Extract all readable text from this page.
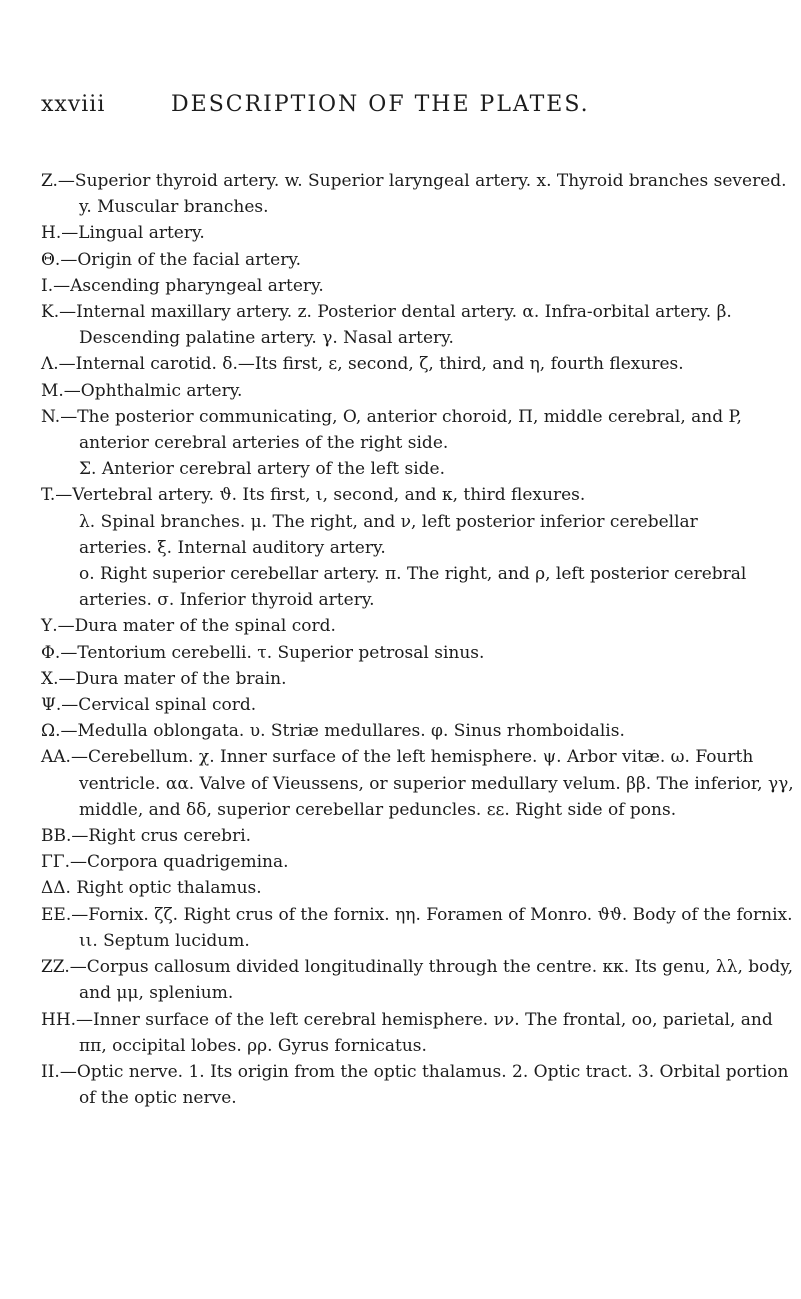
xxviii	DESCRIPTION OF THE PLATES.
Z.—Superior thyroid artery. w. Superior laryngeal artery. x. Thyroid branches severed. y. Muscular branches.
H.—Lingual artery.
Θ.—Origin of the facial artery.
I.—Ascending pharyngeal artery.
K.—Internal maxillary artery. z. Posterior dental artery. α. Infra-orbital artery. β. Descending palatine artery. γ. Nasal artery.
Λ.—Internal carotid. δ.—Its first, ε, second, ζ, third, and η, fourth flexures.
M.—Ophthalmic artery.
N.—The posterior communicating, O, anterior choroid, Π, middle cerebral, and P, anterior cerebral arteries of the right side.
Σ. Anterior cerebral artery of the left side.
T.—Vertebral artery. ϑ. Its first, ι, second, and κ, third flexures.
λ. Spinal branches. μ. The right, and ν, left posterior inferior cerebellar arteries. ξ. Internal auditory artery.
ο. Right superior cerebellar artery. π. The right, and ρ, left posterior cerebral arteries. σ. Inferior thyroid artery.
Υ.—Dura mater of the spinal cord.
Φ.—Tentorium cerebelli. τ. Superior petrosal sinus.
X.—Dura mater of the brain.
Ψ.—Cervical spinal cord.
Ω.—Medulla oblongata. υ. Striæ medullares. φ. Sinus rhomboidalis.
AA.—Cerebellum. χ. Inner surface of the left hemisphere. ψ. Arbor vitæ. ω. Fourth ventricle. αα. Valve of Vieussens, or superior medullary velum. ββ. The inferior, γγ, middle, and δδ, superior cerebellar peduncles. εε. Right side of pons.
BB.—Right crus cerebri.
ΓΓ.—Corpora quadrigemina.
ΔΔ. Right optic thalamus.
EE.—Fornix. ζζ. Right crus of the fornix. ηη. Foramen of Monro. ϑϑ. Body of the fornix. ιι. Septum lucidum.
ZZ.—Corpus callosum divided longitudinally through the centre. κκ. Its genu, λλ, body, and μμ, splenium.
HH.—Inner surface of the left cerebral hemisphere. νν. The frontal, οο, parietal, and ππ, occipital lobes. ρρ. Gyrus fornicatus.
II.—Optic nerve. 1. Its origin from the optic thalamus. 2. Optic tract. 3. Orbital portion of the optic nerve.
